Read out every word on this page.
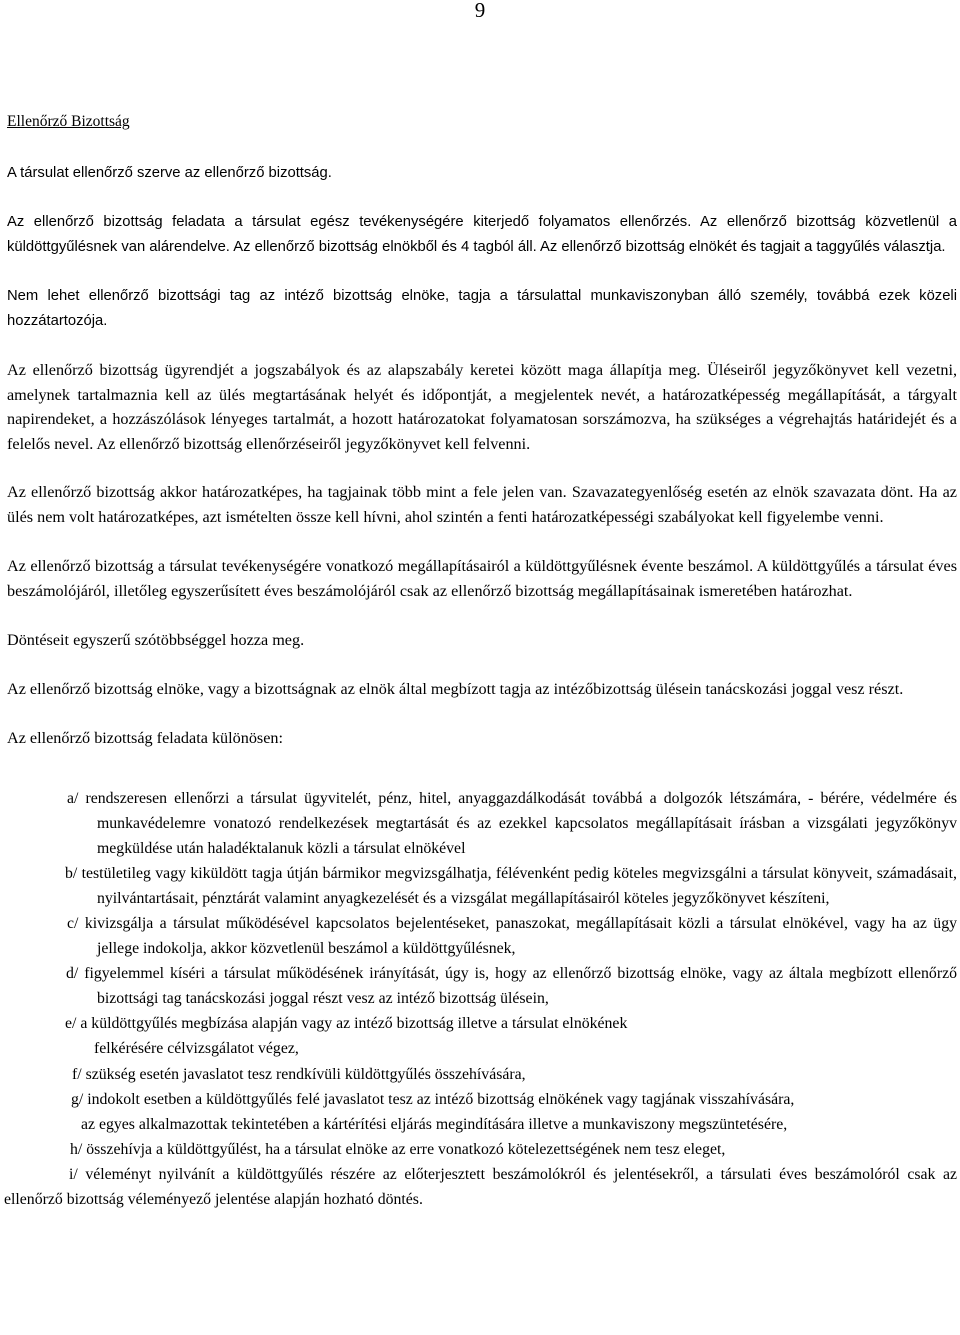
9

Ellenőrző Bizottság

A társulat ellenőrző szerve az ellenőrző bizottság.

Az ellenőrző bizottság feladata a társulat egész tevékenységére kiterjedő folyamatos ellenőrzés. Az ellenőrző bizottság közvetlenül a küldöttgyűlésnek van alárendelve. Az ellenőrző bizottság elnökből és 4 tagból áll. Az ellenőrző bizottság elnökét és tagjait a taggyűlés választja.

Nem lehet ellenőrző bizottsági tag az intéző bizottság elnöke, tagja a társulattal munkaviszonyban álló személy, továbbá ezek közeli hozzátartozója.

Az ellenőrző bizottság ügyrendjét a jogszabályok és az alapszabály keretei között maga állapítja meg. Üléseiről jegyzőkönyvet kell vezetni, amelynek tartalmaznia kell az ülés megtartásának helyét és időpontját, a megjelentek nevét, a határozatképesség megállapítását, a tárgyalt napirendeket, a hozzászólások lényeges tartalmát, a hozott határozatokat folyamatosan sorszámozva, ha szükséges a végrehajtás határidejét és a felelős nevel. Az ellenőrző bizottság ellenőrzéseiről jegyzőkönyvet kell felvenni.

Az ellenőrző bizottság akkor határozatképes, ha tagjainak több mint a fele jelen van. Szavazategyenlőség esetén az elnök szavazata dönt. Ha az ülés nem volt határozatképes, azt ismételten össze kell hívni, ahol szintén a fenti határozatképességi szabályokat kell figyelembe venni.

Az ellenőrző bizottság a társulat tevékenységére vonatkozó megállapításairól a küldöttgyűlésnek évente beszámol. A küldöttgyűlés a társulat éves beszámolójáról, illetőleg egyszerűsített éves beszámolójáról csak az ellenőrző bizottság megállapításainak ismeretében határozhat.

Döntéseit egyszerű szótöbbséggel hozza meg.

Az ellenőrző bizottság elnöke, vagy a bizottságnak az elnök által megbízott tagja az intézőbizottság ülésein tanácskozási joggal vesz részt.

Az ellenőrző bizottság feladata különösen:

a/ rendszeresen ellenőrzi a társulat ügyvitelét, pénz, hitel, anyaggazdálkodását továbbá a dolgozók létszámára, - bérére, védelmére és munkavédelemre vonatozó rendelkezések megtartását és az ezekkel kapcsolatos megállapításait írásban a vizsgálati jegyzőkönyv megküldése után haladéktalanuk közli a társulat elnökével

b/ testületileg vagy kiküldött tagja útján bármikor megvizsgálhatja, félévenként pedig köteles megvizsgálni a társulat könyveit, számadásait, nyilvántartásait, pénztárát valamint anyagkezelését és a vizsgálat megállapításairól köteles jegyzőkönyvet készíteni,

c/ kivizsgálja a társulat működésével kapcsolatos bejelentéseket, panaszokat, megállapításait közli a társulat elnökével, vagy ha az ügy jellege indokolja, akkor közvetlenül beszámol a küldöttgyűlésnek,

d/ figyelemmel kíséri a társulat működésének irányítását, úgy is, hogy az ellenőrző bizottság elnöke, vagy az általa megbízott ellenőrző bizottsági tag tanácskozási joggal részt vesz az intéző bizottság ülésein,

e/ a küldöttgyűlés megbízása alapján vagy az intéző bizottság illetve a társulat elnökének

felkérésére célvizsgálatot végez,

f/ szükség esetén javaslatot tesz rendkívüli küldöttgyűlés összehívására,

g/ indokolt esetben a küldöttgyűlés felé javaslatot tesz az intéző bizottság elnökének vagy tagjának visszahívására,

az egyes alkalmazottak tekintetében a kártérítési eljárás megindítására illetve a munkaviszony megszüntetésére,

h/ összehívja a küldöttgyűlést, ha a társulat elnöke az erre vonatkozó kötelezettségének nem tesz eleget,

i/ véleményt nyilvánít a küldöttgyűlés részére az előterjesztett beszámolókról és jelentésekről, a társulati éves beszámolóról csak az ellenőrző bizottság véleményező jelentése alapján hozható döntés.
